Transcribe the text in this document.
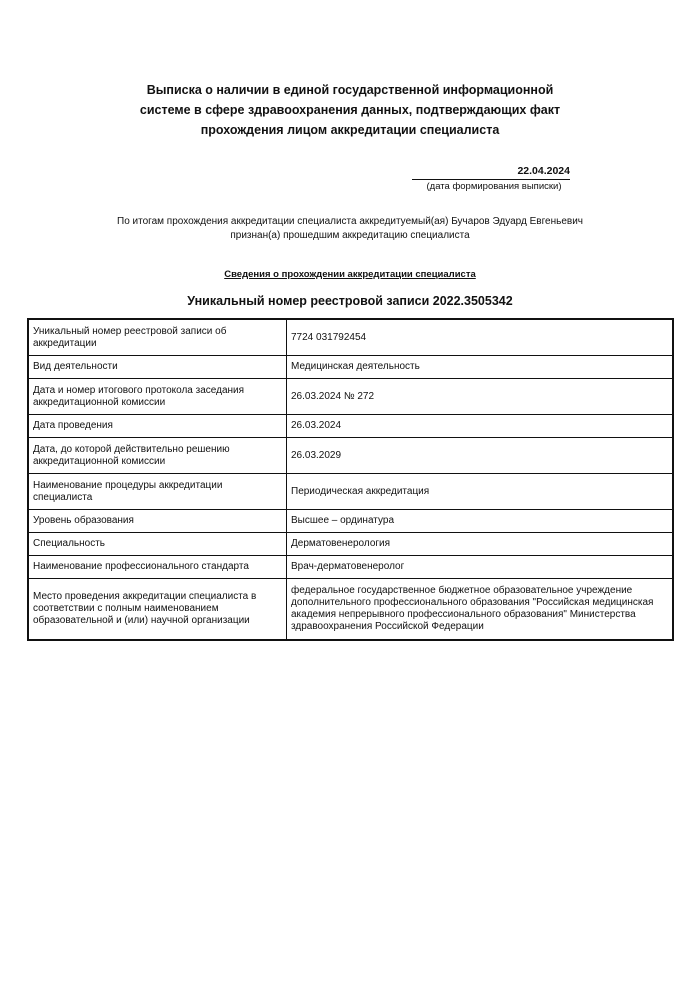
Выписка о наличии в единой государственной информационной
системе в сфере здравоохранения данных, подтверждающих факт
прохождения лицом аккредитации специалиста
22.04.2024
(дата формирования выписки)
По итогам прохождения аккредитации специалиста аккредитуемый(ая) Бучаров Эдуард Евгеньевич
признан(а) прошедшим аккредитацию специалиста
Сведения о прохождении аккредитации специалиста
Уникальный номер реестровой записи 2022.3505342
Уникальный номер реестровой записи об аккредитации	7724 031792454
Вид деятельности	Медицинская деятельность
Дата и номер итогового протокола заседания аккредитационной комиссии	26.03.2024 № 272
Дата проведения	26.03.2024
Дата, до которой действительно решению аккредитационной комиссии	26.03.2029
Наименование процедуры аккредитации специалиста	Периодическая аккредитация
Уровень образования	Высшее – ординатура
Специальность	Дерматовенерология
Наименование профессионального стандарта	Врач-дерматовенеролог
Место проведения аккредитации специалиста в соответствии с полным наименованием образовательной и (или) научной организации	федеральное государственное бюджетное образовательное учреждение дополнительного профессионального образования "Российская медицинская академия непрерывного профессионального образования" Министерства здравоохранения Российской Федерации
